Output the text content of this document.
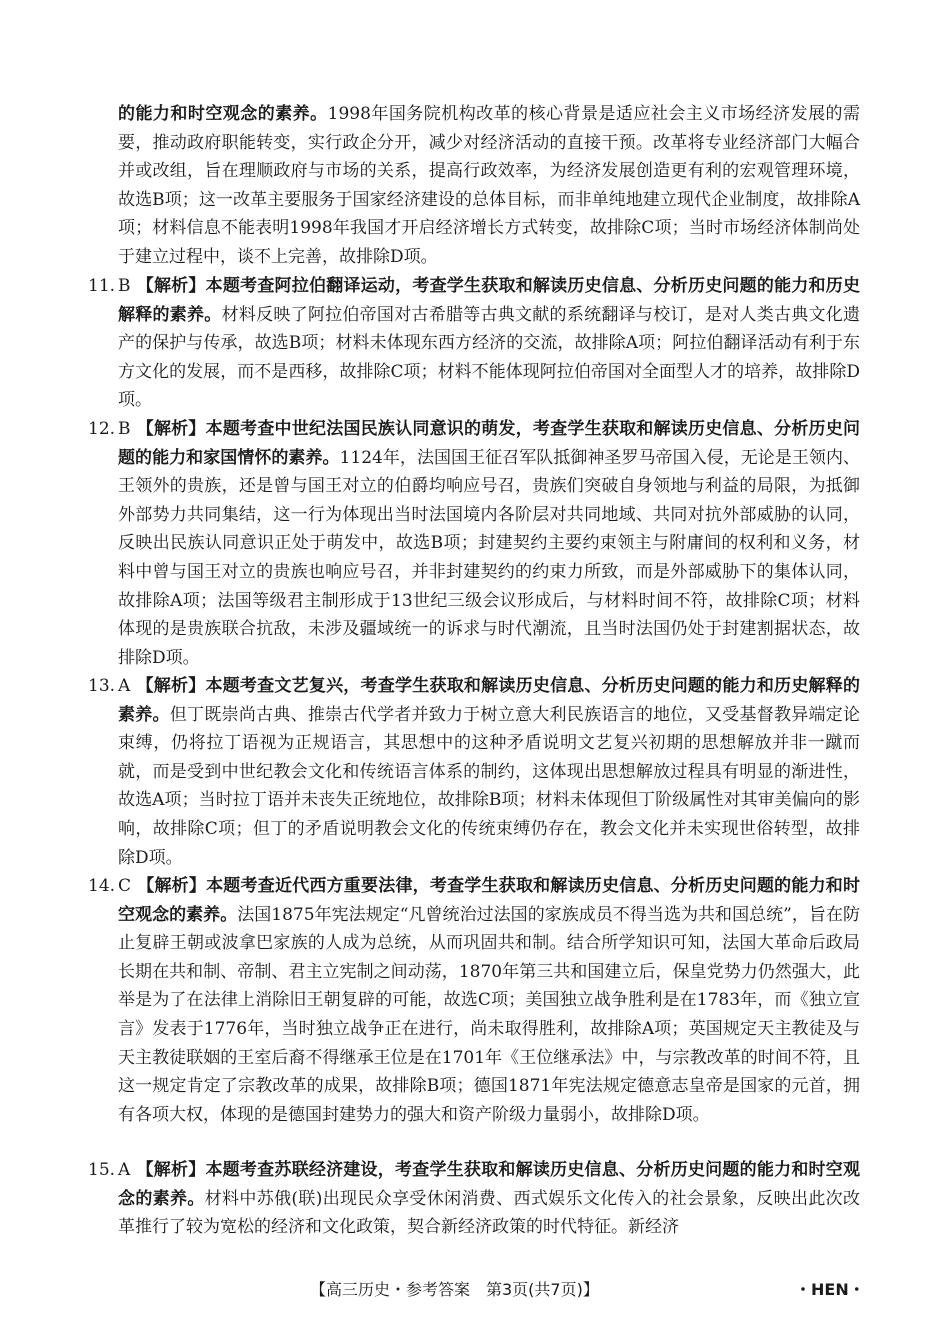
的能力和时空观念的素养。1998年国务院机构改革的核心背景是适应社会主义市场经济发展的需要，推动政府职能转变，实行政企分开，减少对经济活动的直接干预。改革将专业经济部门大幅合并或改组，旨在理顺政府与市场的关系，提高行政效率，为经济发展创造更有利的宏观管理环境，故选B项；这一改革主要服务于国家经济建设的总体目标，而非单纯地建立现代企业制度，故排除A项；材料信息不能表明1998年我国才开启经济增长方式转变，故排除C项；当时市场经济体制尚处于建立过程中，谈不上完善，故排除D项。

11. B 【解析】本题考查阿拉伯翻译运动，考查学生获取和解读历史信息、分析历史问题的能力和历史解释的素养。材料反映了阿拉伯帝国对古希腊等古典文献的系统翻译与校订，是对人类古典文化遗产的保护与传承，故选B项；材料未体现东西方经济的交流，故排除A项；阿拉伯翻译活动有利于东方文化的发展，而不是西移，故排除C项；材料不能体现阿拉伯帝国对全面型人才的培养，故排除D项。
12. B 【解析】本题考查中世纪法国民族认同意识的萌发，考查学生获取和解读历史信息、分析历史问题的能力和家国情怀的素养。1124年，法国国王征召军队抵御神圣罗马帝国入侵，无论是王领内、王领外的贵族，还是曾与国王对立的伯爵均响应号召，贵族们突破自身领地与利益的局限，为抵御外部势力共同集结，这一行为体现出当时法国境内各阶层对共同地域、共同对抗外部威胁的认同，反映出民族认同意识正处于萌发中，故选B项；封建契约主要约束领主与附庸间的权利和义务，材料中曾与国王对立的贵族也响应号召，并非封建契约的约束力所致，而是外部威胁下的集体认同，故排除A项；法国等级君主制形成于13世纪三级会议形成后，与材料时间不符，故排除C项；材料体现的是贵族联合抗敌，未涉及疆域统一的诉求与时代潮流，且当时法国仍处于封建割据状态，故排除D项。
13. A 【解析】本题考查文艺复兴，考查学生获取和解读历史信息、分析历史问题的能力和历史解释的素养。但丁既崇尚古典、推崇古代学者并致力于树立意大利民族语言的地位，又受基督教异端定论束缚，仍将拉丁语视为正规语言，其思想中的这种矛盾说明文艺复兴初期的思想解放并非一蹴而就，而是受到中世纪教会文化和传统语言体系的制约，这体现出思想解放过程具有明显的渐进性，故选A项；当时拉丁语并未丧失正统地位，故排除B项；材料未体现但丁阶级属性对其审美偏向的影响，故排除C项；但丁的矛盾说明教会文化的传统束缚仍存在，教会文化并未实现世俗转型，故排除D项。
14. C 【解析】本题考查近代西方重要法律，考查学生获取和解读历史信息、分析历史问题的能力和时空观念的素养。法国1875年宪法规定“凡曾统治过法国的家族成员不得当选为共和国总统”，旨在防止复辟王朝或波拿巴家族的人成为总统，从而巩固共和制。结合所学知识可知，法国大革命后政局长期在共和制、帝制、君主立宪制之间动荡，1870年第三共和国建立后，保皇党势力仍然强大，此举是为了在法律上消除旧王朝复辟的可能，故选C项；美国独立战争胜利是在1783年，而《独立宣言》发表于1776年，当时独立战争正在进行，尚未取得胜利，故排除A项；英国规定天主教徒及与天主教徒联姻的王室后裔不得继承王位是在1701年《王位继承法》中，与宗教改革的时间不符，且这一规定肯定了宗教改革的成果，故排除B项；德国1871年宪法规定德意志皇帝是国家的元首，拥有各项大权，体现的是德国封建势力的强大和资产阶级力量弱小，故排除D项。
15. A 【解析】本题考查苏联经济建设，考查学生获取和解读历史信息、分析历史问题的能力和时空观念的素养。材料中苏俄(联)出现民众享受休闲消费、西式娱乐文化传入的社会景象，反映出此次改革推行了较为宽松的经济和文化政策，契合新经济政策的时代特征。新经济
【高三历史・参考答案　第3页(共7页)】	・HEN・
